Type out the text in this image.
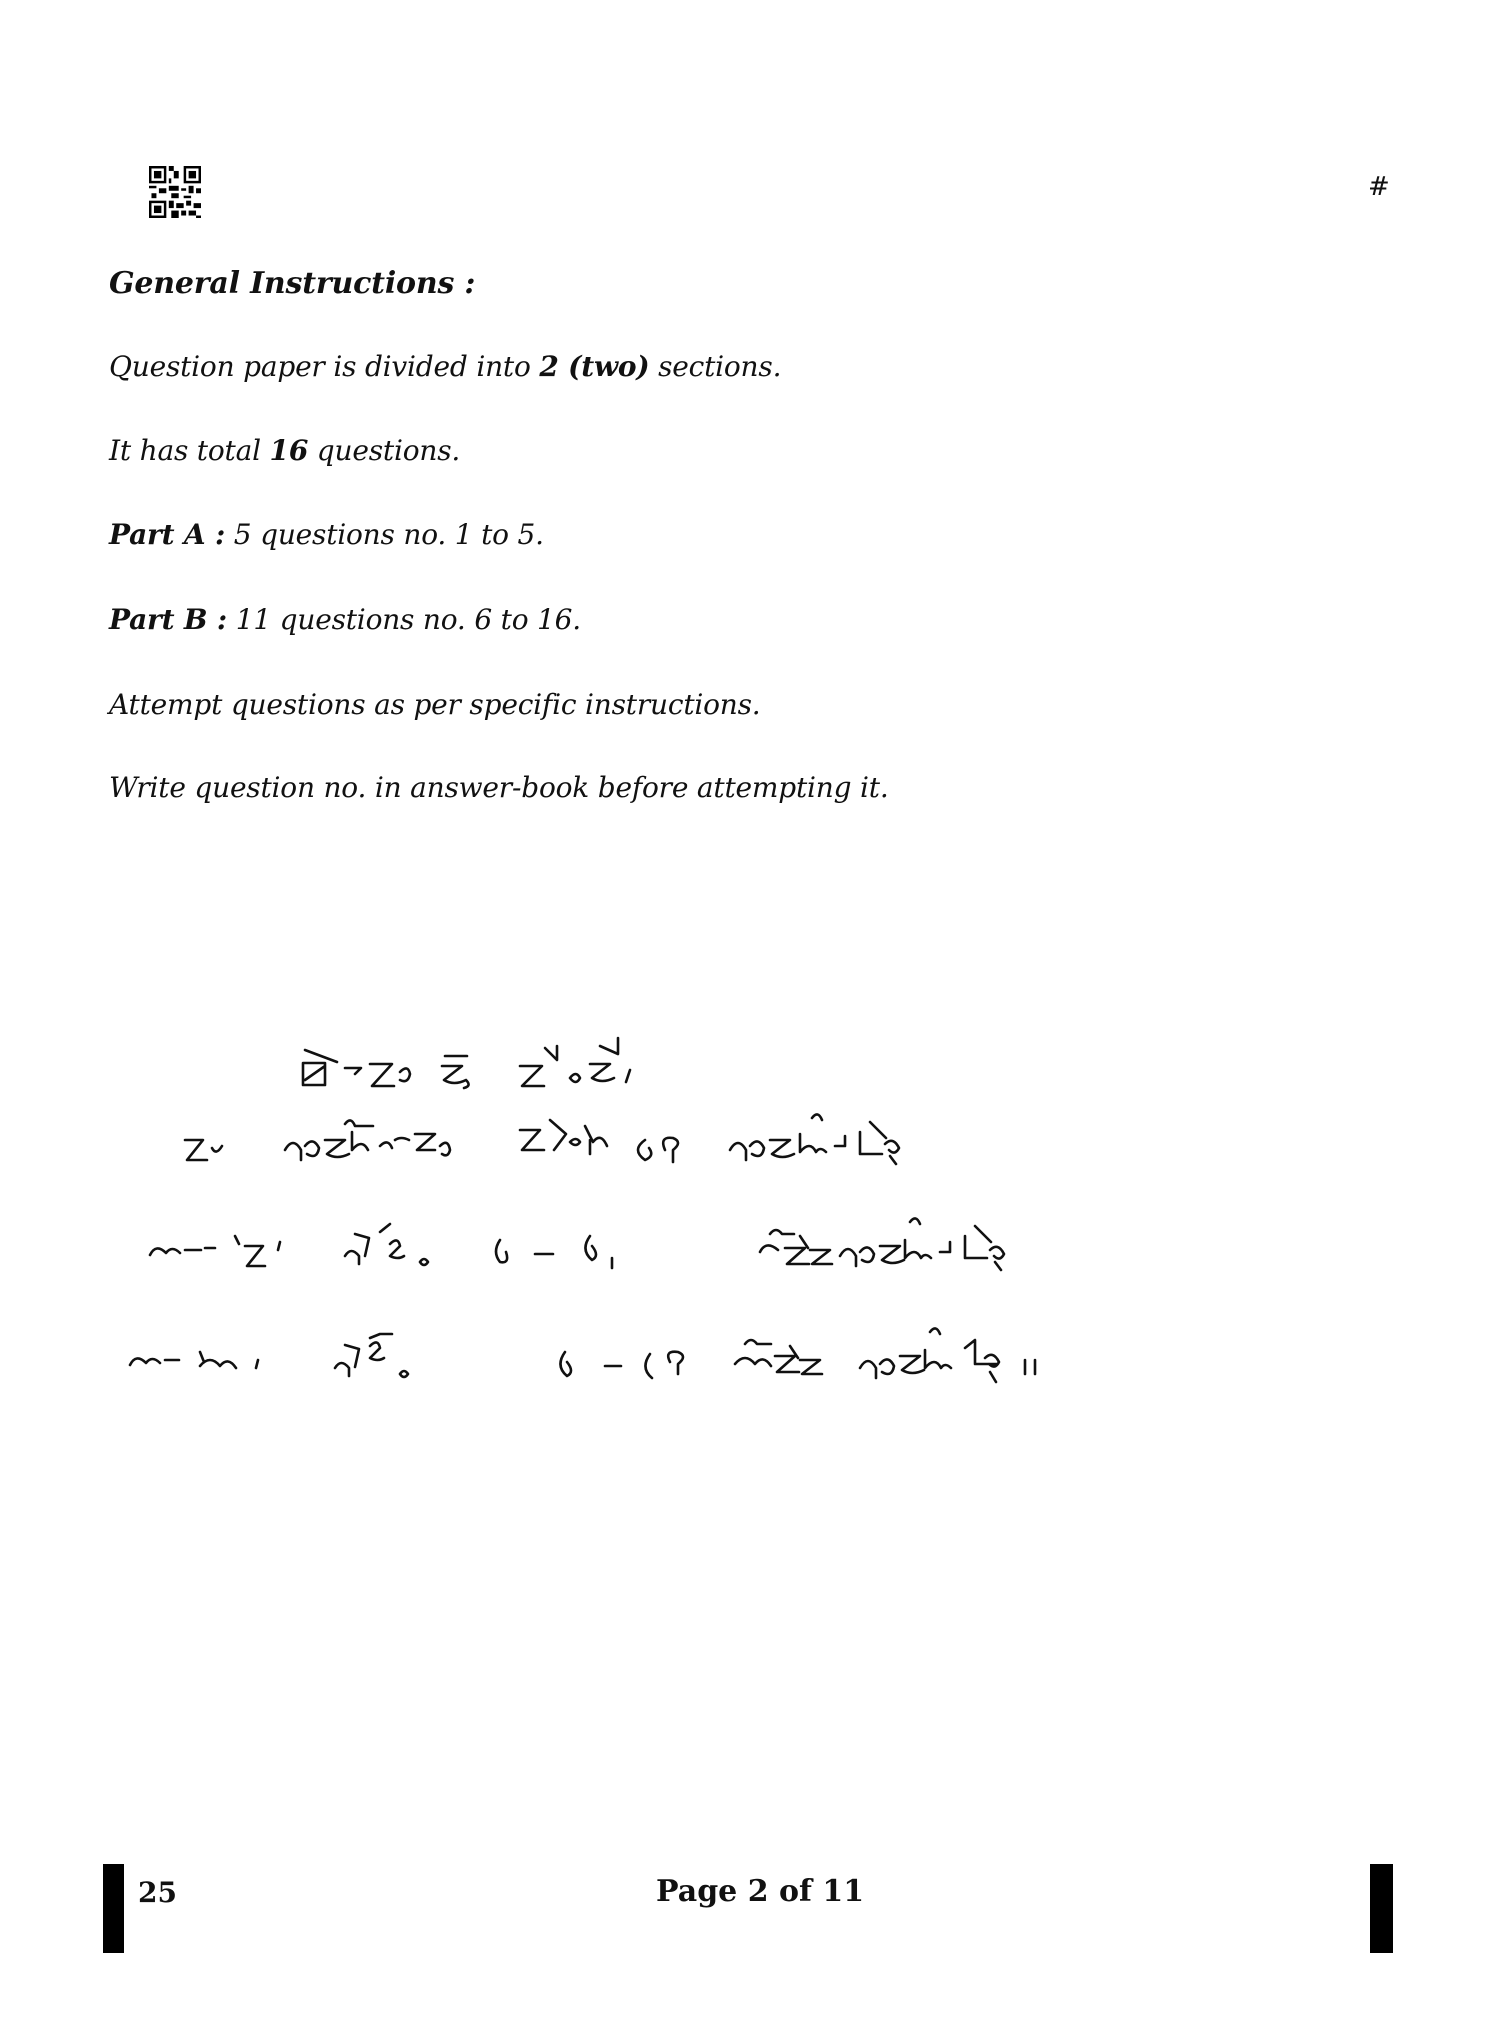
#
General Instructions :
Question paper is divided into 2 (two) sections.
It has total 16 questions.
Part A : 5 questions no. 1 to 5.
Part B : 11 questions no. 6 to 16.
Attempt questions as per specific instructions.
Write question no. in answer-book before attempting it.
25	Page 2 of 11
